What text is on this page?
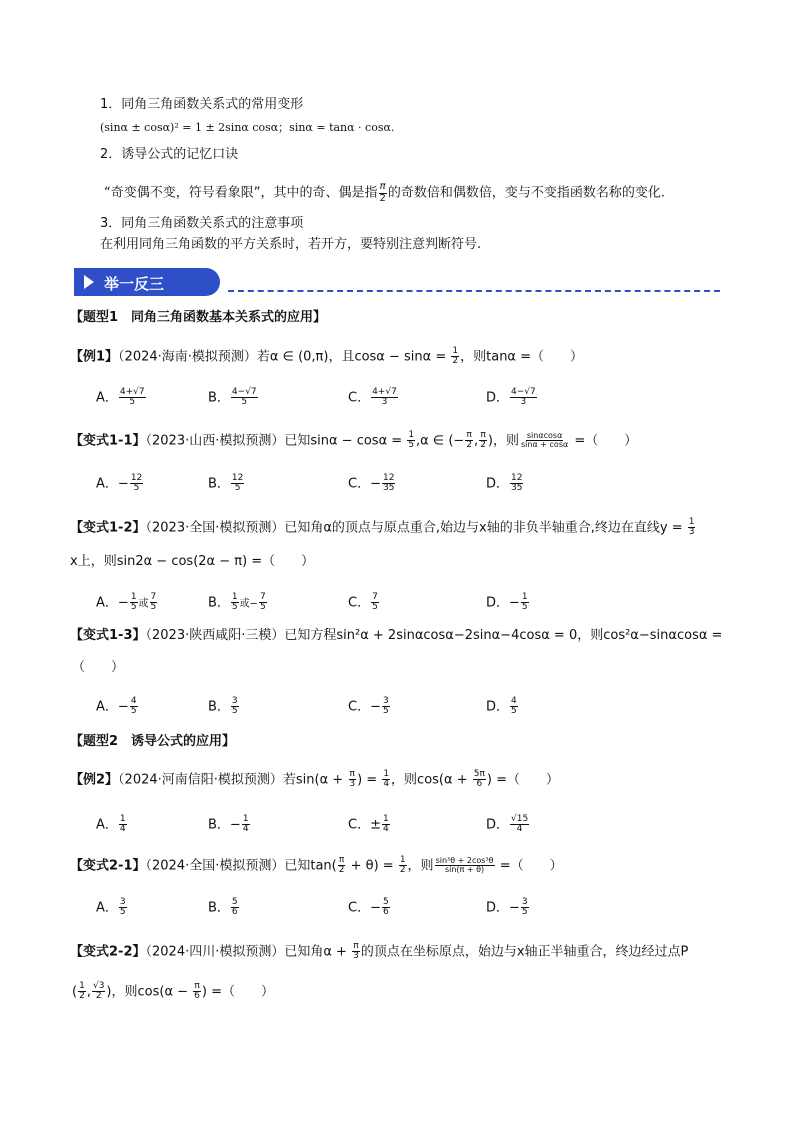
1．同角三角函数关系式的常用变形
(sinα ± cosα)² = 1 ± 2sinα cosα；sinα = tanα · cosα.
2．诱导公式的记忆口诀
“奇变偶不变，符号看象限”，其中的奇、偶是指 $\frac{\pi}{2}$ 的奇数倍和偶数倍，变与不变指函数名称的变化.
3．同角三角函数关系式的注意事项
在利用同角三角函数的平方关系时，若开方，要特别注意判断符号.
举一反三
【题型1　同角三角函数基本关系式的应用】
【例1】（2024·海南·模拟预测）若α ∈ (0,π)，且$\cos\alpha - \sin\alpha = \frac{1}{2}$ ，则tanα =（　　）
A． $\frac{4+√7}{5}$	B． $\frac{4-√7}{5}$	C． $\frac{4+√7}{3}$	D． $\frac{4-√7}{3}$
【变式1-1】（2023·山西·模拟预测）已知$\sin\alpha - \cos\alpha = \frac{1}{5} ,\alpha$ ∈ (− $\frac{\pi}{2}$ , $\frac{\pi}{2}$ )，则 $\frac{\sin\alpha\cos\alpha}{\sin\alpha + \cos\alpha}$ =（　　）
A．− $\frac{12}{5}$	B． $\frac{12}{5}$	C．− $\frac{12}{35}$	D． $\frac{12}{35}$
【变式1-2】（2023·全国·模拟预测）已知角α的顶点与原点重合,始边与x轴的非负半轴重合,终边在直线$y = \frac{1}{3}$
x上，则sin2α − cos(2α − π) =（　　）
A．− $\frac{1}{5}$ 或 $\frac{7}{5}$	B． $\frac{1}{5}$ 或− $\frac{7}{5}$	C． $\frac{7}{5}$	D．− $\frac{1}{5}$
【变式1-3】（2023·陕西咸阳·三模）已知方程sin²α + 2sinαcosα−2sinα−4cosα = 0，则cos²α−sinαcosα =
（　　）
A．− $\frac{4}{5}$	B． $\frac{3}{5}$	C．− $\frac{3}{5}$	D． $\frac{4}{5}$
【题型2　诱导公式的应用】
【例2】（2024·河南信阳·模拟预测）若$\sin(\alpha + \frac{\pi}{3}$ ) = $\frac{1}{4}$ ，则$\cos(\alpha + \frac{5\pi}{6}$ ) =（　　）
A． $\frac{1}{4}$	B．− $\frac{1}{4}$	C．± $\frac{1}{4}$	D． $\frac{√15}{4}$
【变式2-1】（2024·全国·模拟预测）已知$\tan( \frac{\pi}{2} + \theta) = \frac{1}{2}$ ，则 $\frac{\text{sin³θ + 2cos³θ}}{\sin(\pi + \theta)}$ =（　　）
A． $\frac{3}{5}$	B． $\frac{5}{6}$	C．− $\frac{5}{6}$	D．− $\frac{3}{5}$
【变式2-2】（2024·四川·模拟预测）已知角$\alpha + \frac{\pi}{3}$ 的顶点在坐标原点，始边与x轴正半轴重合，终边经过点P
( $\frac{1}{2}$ , $\frac{√3}{2}$ )，则$\cos(\alpha - \frac{\pi}{6}$ ) =（　　）
